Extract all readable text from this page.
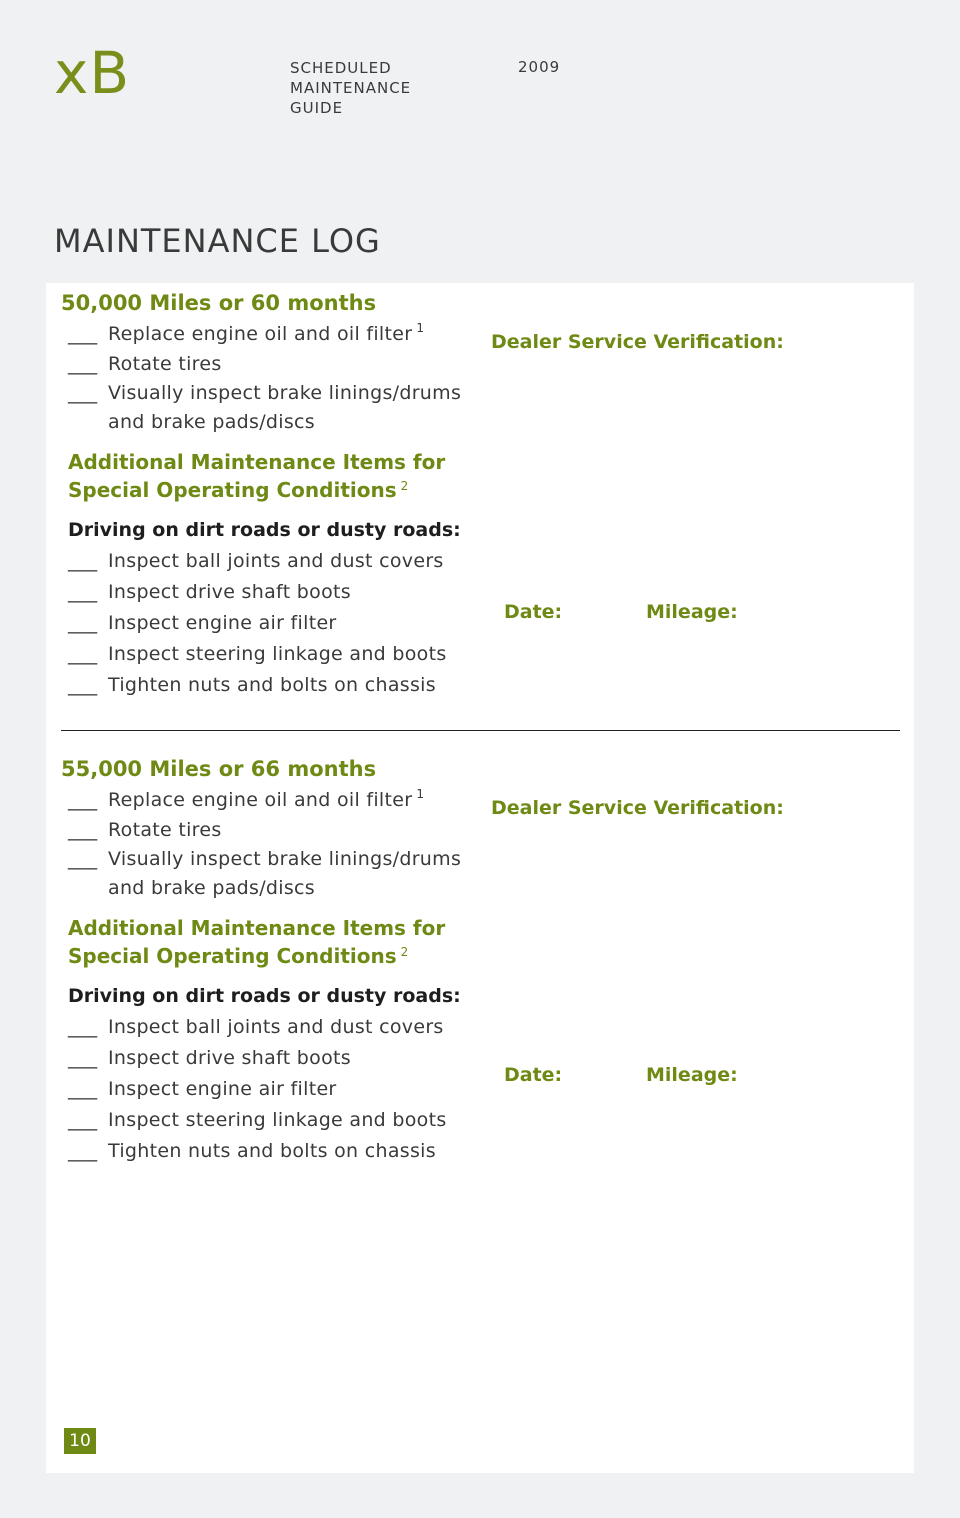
xB	SCHEDULED
MAINTENANCE
GUIDE
2009
MAINTENANCE LOG
50,000 Miles or 60 months
___ Replace engine oil and oil filter $^1$
___ Rotate tires
___ Visually inspect brake linings/drums
and brake pads/discs
Additional Maintenance Items for
Special Operating Conditions $^2$
Driving on dirt roads or dusty roads:
___ Inspect ball joints and dust covers
___ Inspect drive shaft boots
___ Inspect engine air filter
___ Inspect steering linkage and boots
___ Tighten nuts and bolts on chassis
Dealer Service Verification:
Date:	Mileage:
55,000 Miles or 66 months
___ Replace engine oil and oil filter $^1$
___ Rotate tires
___ Visually inspect brake linings/drums
and brake pads/discs
Additional Maintenance Items for
Special Operating Conditions $^2$
Driving on dirt roads or dusty roads:
___ Inspect ball joints and dust covers
___ Inspect drive shaft boots
___ Inspect engine air filter
___ Inspect steering linkage and boots
___ Tighten nuts and bolts on chassis
Dealer Service Verification:
Date:	Mileage:
10
